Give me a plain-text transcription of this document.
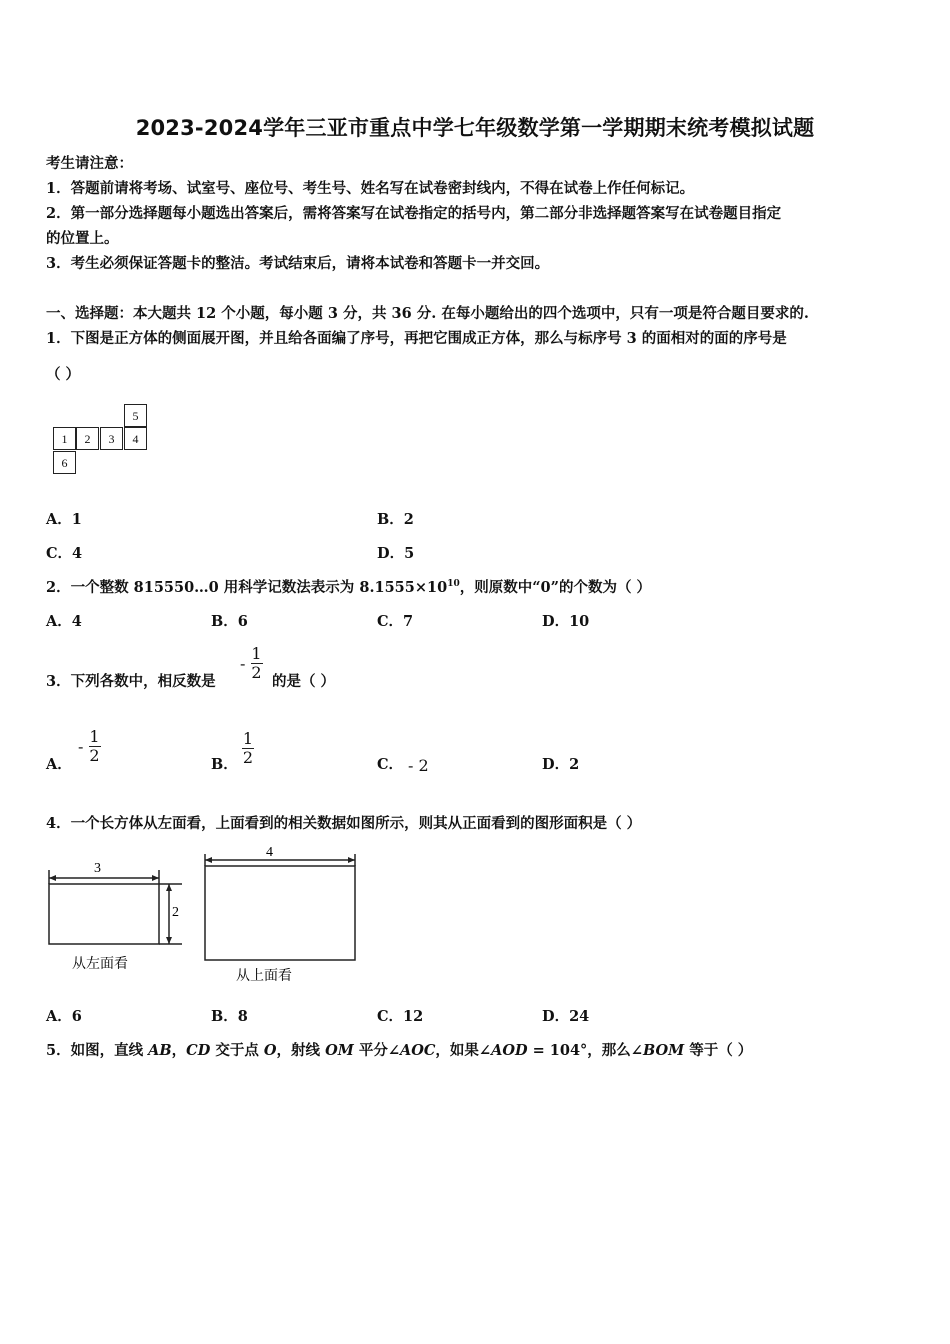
2023-2024学年三亚市重点中学七年级数学第一学期期末统考模拟试题
考生请注意：
1．答题前请将考场、试室号、座位号、考生号、姓名写在试卷密封线内，不得在试卷上作任何标记。
2．第一部分选择题每小题选出答案后，需将答案写在试卷指定的括号内，第二部分非选择题答案写在试卷题目指定
的位置上。
3．考生必须保证答题卡的整洁。考试结束后，请将本试卷和答题卡一并交回。
一、选择题：本大题共 12 个小题，每小题 3 分，共 36 分. 在每小题给出的四个选项中，只有一项是符合题目要求的.
1．下图是正方体的侧面展开图，并且给各面编了序号，再把它围成正方体，那么与标序号 3 的面相对的面的序号是
（ ）
5
1	2	3	4
6
A．1	B．2
C．4	D．5
2．一个整数 815550…0 用科学记数法表示为 $8.1555\times 10^{10}$，则原数中“0”的个数为（ ）
A．4	B．6	C．7	D．10
3．下列各数中，相反数是
- $\frac{1}{2}$ 的是（ ）
A．
- $\frac{1}{2}$	B． $\frac{1}{2}$	C． - 2	D．2
4．一个长方体从左面看，上面看到的相关数据如图所示，则其从正面看到的图形面积是（ ）
3
2
从左面看
4
从上面看
A．6	B．8	C．12	D．24
5．如图，直线 AB，CD 交于点 O，射线 OM 平分∠AOC，如果∠AOD = 104°，那么∠BOM 等于（ ）
